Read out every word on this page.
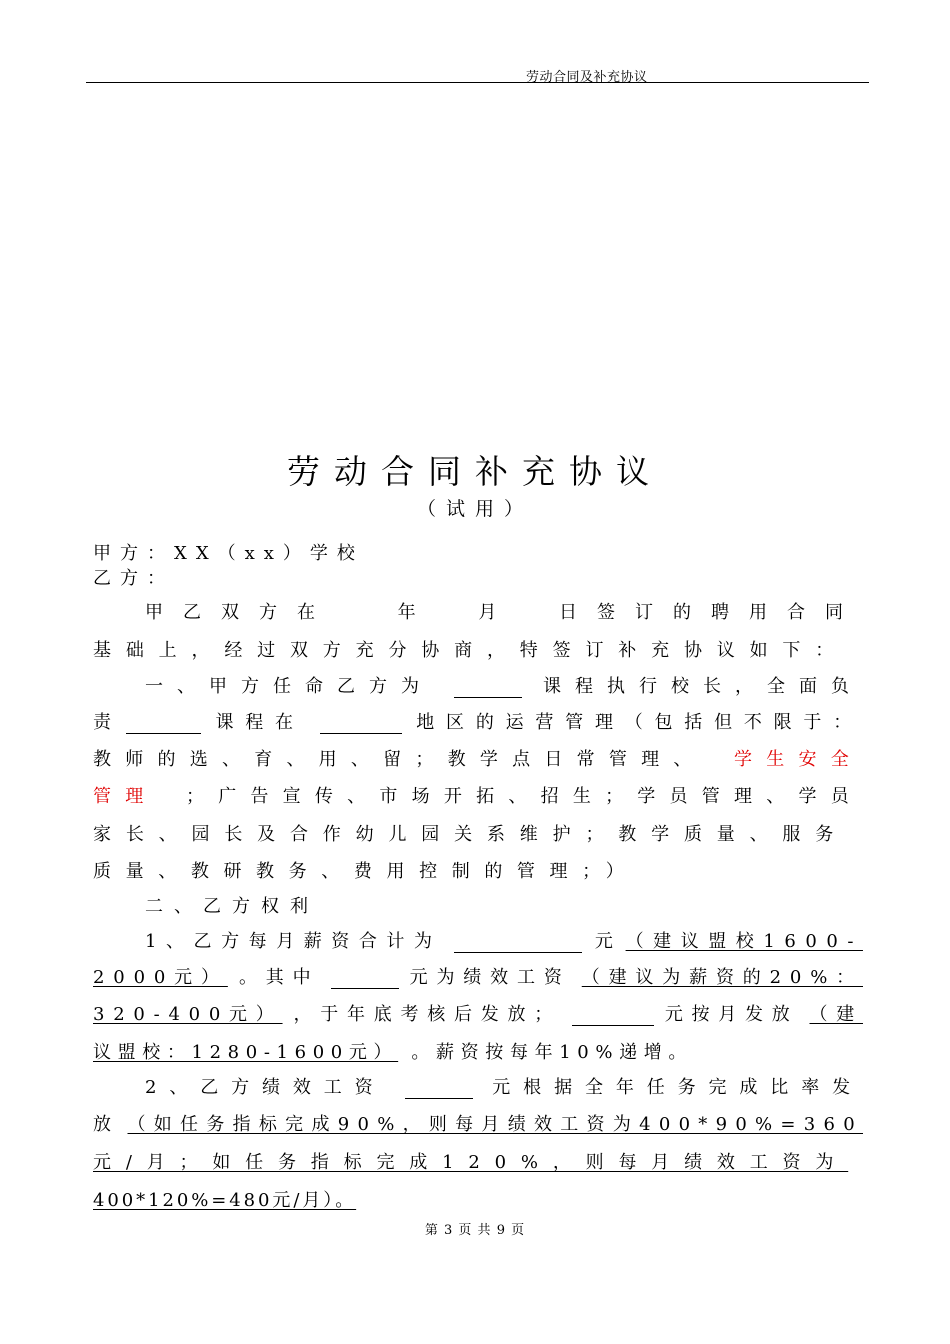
劳动合同及补充协议
劳动合同补充协议
（试用）
甲方： XX（xx）学校
乙方：
甲乙双方在	年	月	日签订的聘用合同
基础上，经过双方充分协商，特签订补充协议如下：
一、甲方任命乙方为	课程执行校长，全面负
责	课程在	地区的运营管理（包括但不限于：
教师的选、育、用、留；教学点日常管理、 学生安全
管理 ；广告宣传、市场开拓、招生；学员管理、学员
家长、园长及合作幼儿园关系维护；教学质量、服务
质量、教研教务、费用控制的管理；）
二、乙方权利
1、乙方每月薪资合计为	元 （建议盟校1600-
2000元） 。其中	元为绩效工资 （建议为薪资的20%：
320-400元） ，于年底考核后发放；	元按月发放 （建
议盟校：1280-1600元） 。薪资按每年10%递增。
2、乙方绩效工资	元根据全年任务完成比率发
放 （如任务指标完成90%，则每月绩效工资为400*90%=360
元/月；如任务指标完成120%，则每月绩效工资为
400*120%=480元/月）。
第 3 页 共 9 页
